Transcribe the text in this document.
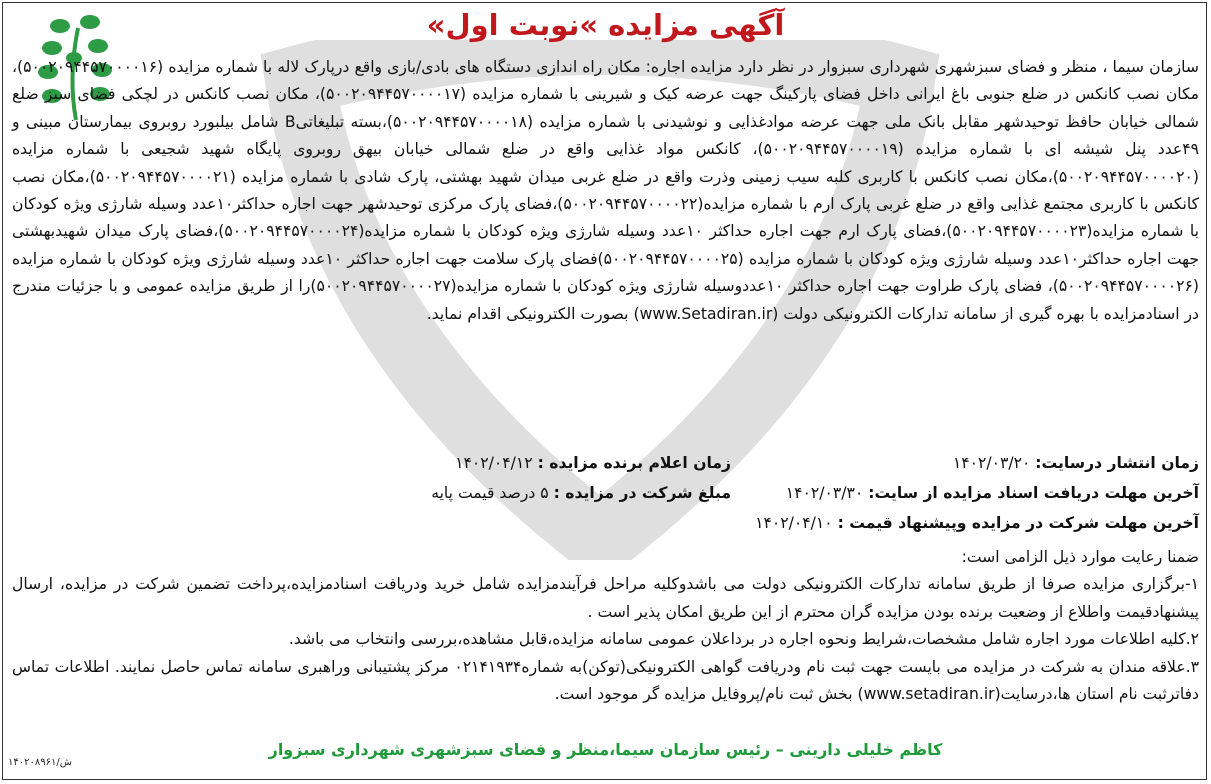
«آگهی مزایده »نوبت اول

سازمان سیما ، منظر و فضای سبزشهری شهرداری سبزوار در نظر دارد مزایده اجاره: مکان راه اندازی دستگاه های بادی/بازی واقع درپارک لاله با شماره مزایده (۵۰۰۲۰۹۴۴۵۷۰۰۰۰۱۶)، مکان نصب کانکس در ضلع جنوبی باغ ایرانی داخل فضای پارکینگ جهت عرضه کیک و شیرینی با شماره مزایده (۵۰۰۲۰۹۴۴۵۷۰۰۰۰۱۷)، مکان نصب کانکس در لچکی فضای سبز ضلع شمالی خیابان حافظ توحیدشهر مقابل بانک ملی جهت عرضه موادغذایی و نوشیدنی با شماره مزایده (۵۰۰۲۰۹۴۴۵۷۰۰۰۰۱۸)،بسته تبلیغاتیB شامل بیلبورد روبروی بیمارستان مبینی و ۴۹عدد پنل شیشه ای با شماره مزایده (۵۰۰۲۰۹۴۴۵۷۰۰۰۰۱۹)، کانکس مواد غذایی واقع در ضلع شمالی خیابان بیهق روبروی پایگاه شهید شجیعی با شماره مزایده (۵۰۰۲۰۹۴۴۵۷۰۰۰۰۲۰)،مکان نصب کانکس با کاربری کلبه سیب زمینی وذرت واقع در ضلع غربی میدان شهید بهشتی، پارک شادی با شماره مزایده (۵۰۰۲۰۹۴۴۵۷۰۰۰۰۲۱)،مکان نصب کانکس با کاربری مجتمع غذایی واقع در ضلع غربی پارک ارم با شماره مزایده(۵۰۰۲۰۹۴۴۵۷۰۰۰۰۲۲)،فضای پارک مرکزی توحیدشهر جهت اجاره حداکثر۱۰عدد وسیله شارژی ویژه کودکان با شماره مزایده(۵۰۰۲۰۹۴۴۵۷۰۰۰۰۲۳)،فضای پارک ارم جهت اجاره حداکثر ۱۰عدد وسیله شارژی ویژه کودکان با شماره مزایده(۵۰۰۲۰۹۴۴۵۷۰۰۰۰۲۴)،فضای پارک میدان شهیدبهشتی جهت اجاره حداکثر۱۰عدد وسیله شارژی ویژه کودکان با شماره مزایده (۵۰۰۲۰۹۴۴۵۷۰۰۰۰۲۵)فضای پارک سلامت جهت اجاره حداکثر ۱۰عدد وسیله شارژی ویژه کودکان با شماره مزایده (۵۰۰۲۰۹۴۴۵۷۰۰۰۰۲۶)، فضای پارک طراوت جهت اجاره حداکثر ۱۰عددوسیله شارژی ویژه کودکان با شماره مزایده(۵۰۰۲۰۹۴۴۵۷۰۰۰۰۲۷)را از طریق مزایده عمومی و با جزئیات مندرج در اسنادمزایده با بهره گیری از سامانه تدارکات الکترونیکی دولت (www.Setadiran.ir) بصورت الکترونیکی اقدام نماید.

زمان انتشار درسایت: ۱۴۰۲/۰۳/۲۰
آخرین مهلت دریافت اسناد مزایده از سایت: ۱۴۰۲/۰۳/۳۰
آخرین مهلت شرکت در مزایده وپیشنهاد قیمت : ۱۴۰۲/۰۴/۱۰
زمان اعلام برنده مزایده : ۱۴۰۲/۰۴/۱۲
مبلغ شرکت در مزایده : ۵ درصد قیمت پایه

ضمنا رعایت موارد ذیل الزامی است:

۱-برگزاری مزایده صرفا از طریق سامانه تدارکات الکترونیکی دولت می باشدوکلیه مراحل فرآیندمزایده شامل خرید ودریافت اسنادمزایده،پرداخت تضمین شرکت در مزایده، ارسال پیشنهادقیمت واطلاع از وضعیت برنده بودن مزایده گران محترم از این طریق امکان پذیر است .

۲.کلیه اطلاعات مورد اجاره شامل مشخصات،شرایط ونحوه اجاره در برداعلان عمومی سامانه مزایده،قابل مشاهده،بررسی وانتخاب می باشد.

۳.علاقه مندان به شرکت در مزایده می بایست جهت ثبت نام ودریافت گواهی الکترونیکی(توکن)به شماره۰۲۱۴۱۹۳۴ مرکز پشتیبانی وراهبری سامانه تماس حاصل نمایند. اطلاعات تماس دفاترثبت نام استان ها،درسایت(www.setadiran.ir) بخش ثبت نام/پروفایل مزایده گر موجود است.

کاظم خلیلی دارینی – رئیس سازمان سیما،منظر و فضای سبزشهری شهرداری سبزوار
۱۴۰۲۰۸۹۶۱/ش
